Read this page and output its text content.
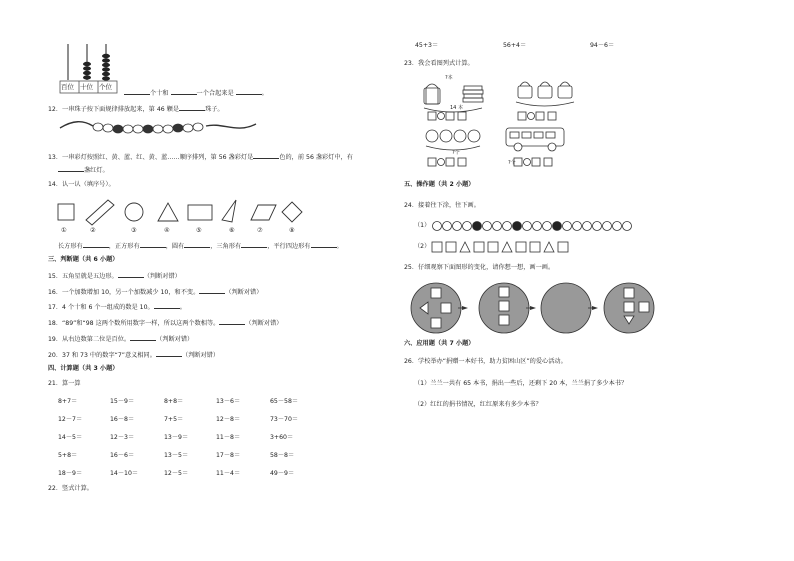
百位 十位 个位
个十和	一个合起来是	。
12．一串珠子按下面规律排放起来，第 46 颗是	珠子。
13．一串彩灯按照红、黄、蓝、红、黄、蓝……顺序排列，第 56 盏彩灯是	色的，前 56 盏彩灯中，有
盏红灯。
14．认一认（填序号）。
①	②	③	④	⑤	⑥	⑦	⑧
长方形有	，正方形有	，圆有	，三角形有	，平行四边形有	。
三、判断题（共 6 小题）
15．五角星就是五边形。	（判断对错）
16．一个加数增加 10，另一个加数减少 10，和不变。	（判断对错）
17．4 个十和 6 个一组成的数是 10。	。
18．“89”和“98 这两个数所用数字一样，所以这两个数相等。	（判断对错）
19．从右边数第二位是百位。	（判断对错）
20．37 和 73 中的数字“7”意义相同。	（判断对错）
四、计算题（共 3 小题）
21．算一算
8+7＝	15－9＝	8+8＝	13－6＝	65－58＝
12－7＝	16－8＝	7+5＝	12－8＝	73－70＝
14－5＝	12－3＝	13－9＝	11－8＝	3+60＝
5+8＝	16－6＝	13－5＝	17－8＝	58－8＝
18－9＝	14－10＝	12－5＝	11－4＝	49－9＝
22．竖式计算。
45+3＝	56+4＝	94－6＝
23．我会看图列式计算。
?本
14 本
?个
?个
五、操作题（共 2 小题）
24．接着往下涂，往下画。
（1）
（2）
25．仔细观察下面图形的变化，请你想一想，画一画。
六、应用题（共 7 小题）
26．学校举办“捐赠一本好书，助力贫困山区”的爱心活动。
（1）兰兰一共有 65 本书，捐出一些后，还剩下 20 本，兰兰捐了多少本书？
（2）红红的捐书情况，红红原来有多少本书？
